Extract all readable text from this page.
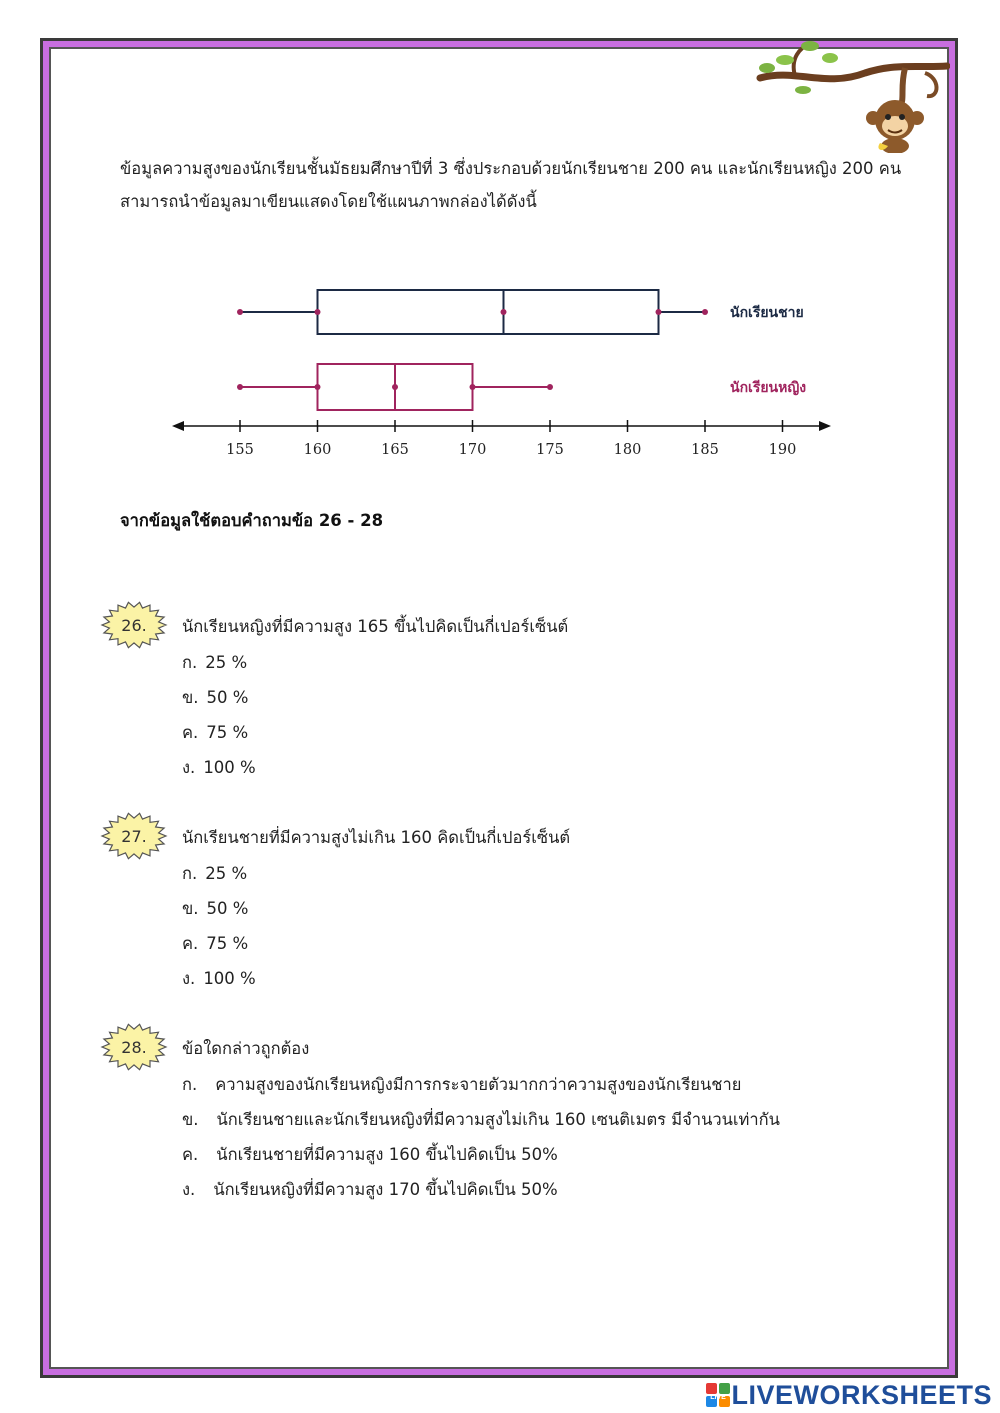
ข้อมูลความสูงของนักเรียนชั้นมัธยมศึกษาปีที่ 3 ซึ่งประกอบด้วยนักเรียนชาย 200 คน และนักเรียนหญิง 200 คน

สามารถนำข้อมูลมาเขียนแสดงโดยใช้แผนภาพกล่องได้ดังนี้

155	160	165	170	175	180	185	190
นักเรียนชาย
นักเรียนหญิง
จากข้อมูลใช้ตอบคำถามข้อ 26 - 28
26.	นักเรียนหญิงที่มีความสูง 165 ขึ้นไปคิดเป็นกี่เปอร์เซ็นต์
ก. 25 %
ข. 50 %
ค. 75 %
ง. 100 %
27.	นักเรียนชายที่มีความสูงไม่เกิน 160 คิดเป็นกี่เปอร์เซ็นต์
ก. 25 %
ข. 50 %
ค. 75 %
ง. 100 %
28.	ข้อใดกล่าวถูกต้อง
ก. ความสูงของนักเรียนหญิงมีการกระจายตัวมากกว่าความสูงของนักเรียนชาย
ข. นักเรียนชายและนักเรียนหญิงที่มีความสูงไม่เกิน 160 เซนติเมตร มีจำนวนเท่ากัน
ค. นักเรียนชายที่มีความสูง 160 ขึ้นไปคิดเป็น 50%
ง. นักเรียนหญิงที่มีความสูง 170 ขึ้นไปคิดเป็น 50%
LIVE LIVEWORKSHEETS
